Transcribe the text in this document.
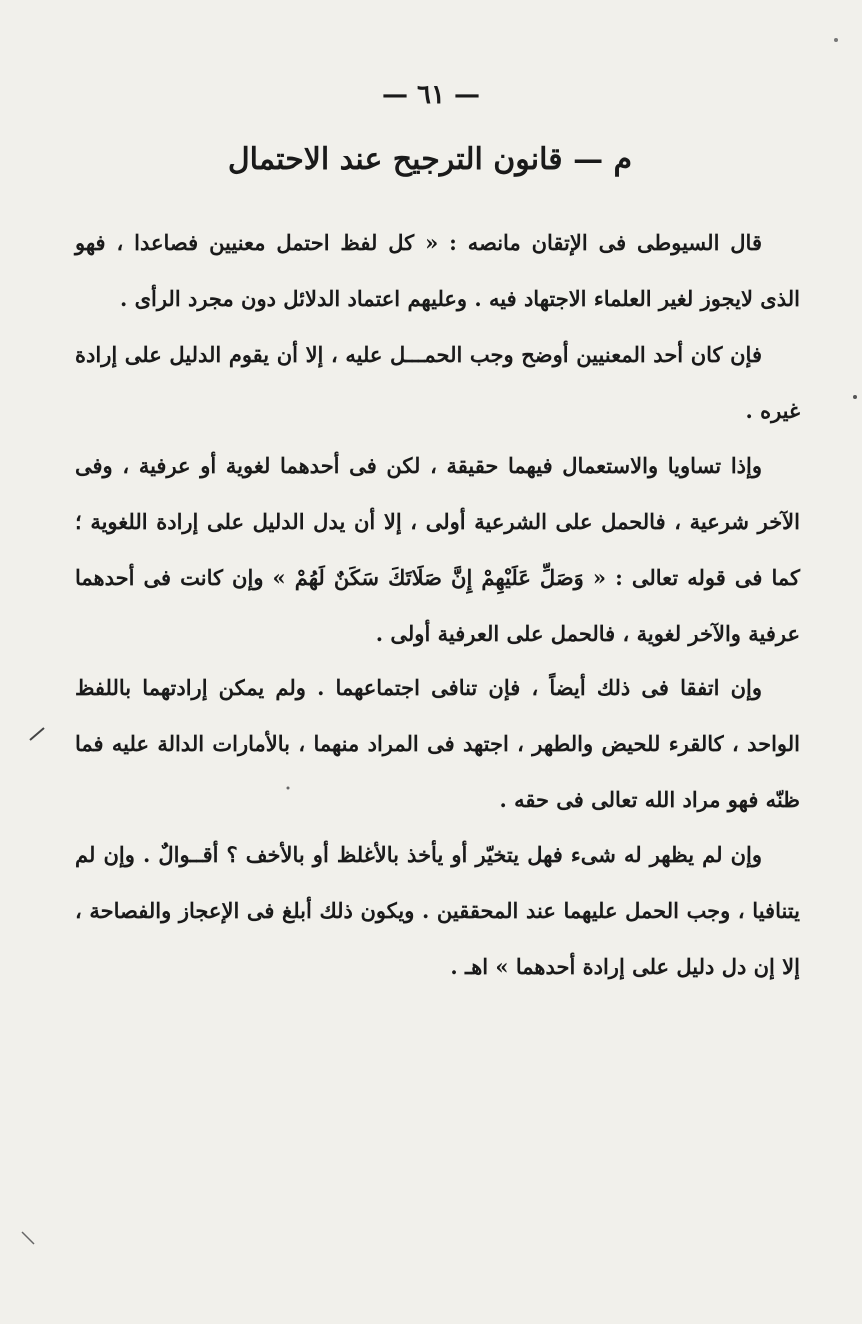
— ٦١ —
م — قانون الترجيح عند الاحتمال

قال السيوطى فى الإتقان مانصه : « كل لفظ احتمل معنيين فصاعدا ، فهو الذى لايجوز لغير العلماء الاجتهاد فيه . وعليهم اعتماد الدلائل دون مجرد الرأى .

فإن كان أحد المعنيين أوضح وجب الحمـــل عليه ، إلا أن يقوم الدليل على إرادة غيره .

وإذا تساويا والاستعمال فيهما حقيقة ، لكن فى أحدهما لغوية أو عرفية ، وفى الآخر شرعية ، فالحمل على الشرعية أولى ، إلا أن يدل الدليل على إرادة اللغوية ؛ كما فى قوله تعالى : « وَصَلِّ عَلَيْهِمْ إِنَّ صَلَاتَكَ سَكَنٌ لَهُمْ » وإن كانت فى أحدهما عرفية والآخر لغوية ، فالحمل على العرفية أولى .

وإن اتفقا فى ذلك أيضاً ، فإن تنافى اجتماعهما . ولم يمكن إرادتهما باللفظ الواحد ، كالقرء للحيض والطهر ، اجتهد فى المراد منهما ، بالأمارات الدالة عليه فما ظنّه فهو مراد الله تعالى فى حقه .

وإن لم يظهر له شىء فهل يتخيّر أو يأخذ بالأغلظ أو بالأخف ؟ أقــوالٌ . وإن لم يتنافيا ، وجب الحمل عليهما عند المحققين . ويكون ذلك أبلغ فى الإعجاز والفصاحة ، إلا إن دل دليل على إرادة أحدهما » اهـ .
